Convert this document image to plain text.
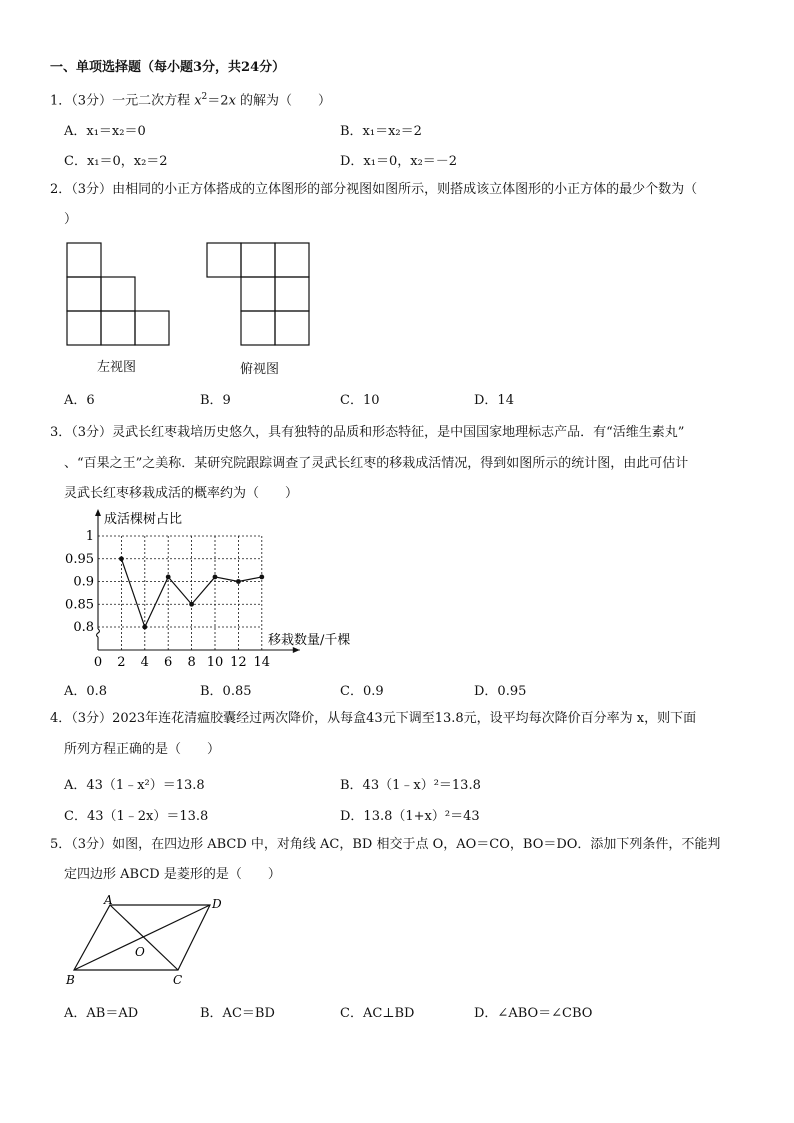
一、单项选择题（每小题3分，共24分）
1．（3分）一元二次方程 $x^2=2x$ 的解为（　　）
A．x₁＝x₂＝0	B．x₁＝x₂＝2
C．x₁＝0，x₂＝2	D．x₁＝0，x₂＝－2
2．（3分）由相同的小正方体搭成的立体图形的部分视图如图所示，则搭成该立体图形的小正方体的最少个数为（
）
左视图	俯视图
A．6	B．9	C．10	D．14
3．（3分）灵武长红枣栽培历史悠久，具有独特的品质和形态特征，是中国国家地理标志产品．有“活维生素丸”
、“百果之王”之美称．某研究院跟踪调查了灵武长红枣的移栽成活情况，得到如图所示的统计图，由此可估计
灵武长红枣移栽成活的概率约为（　　）
0.8
0.85
0.9
0.95
1
0 2 4 6 8 10 12 14
成活棵树占比
移栽数量/千棵
A．0.8	B．0.85	C．0.9	D．0.95
4．（3分）2023年连花清瘟胶囊经过两次降价，从每盒43元下调至13.8元，设平均每次降价百分率为 x，则下面
所列方程正确的是（　　）
A．43（1﹣x²）＝13.8	B．43（1﹣x）²＝13.8
C．43（1﹣2x）＝13.8	D．13.8（1+x）²＝43
5．（3分）如图，在四边形 ABCD 中，对角线 AC，BD 相交于点 O，AO＝CO，BO＝DO．添加下列条件，不能判
定四边形 ABCD 是菱形的是（　　）
A	D
B	C
O
A．AB＝AD	B．AC＝BD	C．AC⊥BD	D．∠ABO＝∠CBO
